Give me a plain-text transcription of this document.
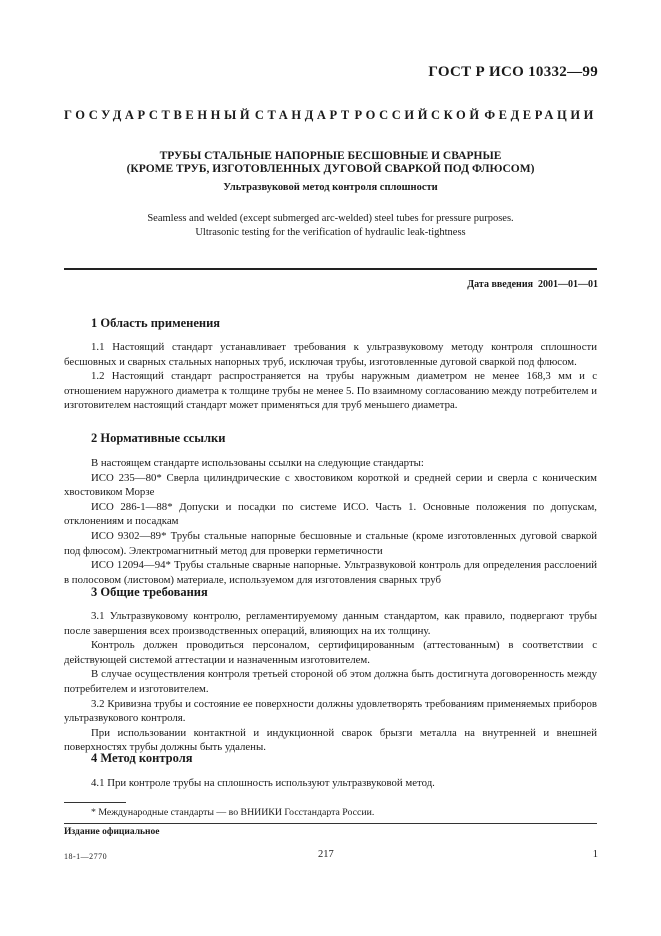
ГОСТ Р ИСО 10332—99
ГОСУДАРСТВЕННЫЙ СТАНДАРТ РОССИЙСКОЙ ФЕДЕРАЦИИ
ТРУБЫ СТАЛЬНЫЕ НАПОРНЫЕ БЕСШОВНЫЕ И СВАРНЫЕ
(КРОМЕ ТРУБ, ИЗГОТОВЛЕННЫХ ДУГОВОЙ СВАРКОЙ ПОД ФЛЮСОМ)
Ультразвуковой метод контроля сплошности
Seamless and welded (except submerged arc-welded) steel tubes for pressure purposes.
Ultrasonic testing for the verification of hydraulic leak-tightness
Дата введения  2001—01—01
1 Область применения
1.1 Настоящий стандарт устанавливает требования к ультразвуковому методу контроля сплошности бесшовных и сварных стальных напорных труб, исключая трубы, изготовленные дуговой сваркой под флюсом.
1.2 Настоящий стандарт распространяется на трубы наружным диаметром не менее 168,3 мм и с отношением наружного диаметра к толщине трубы не менее 5. По взаимному согласованию между потребителем и изготовителем настоящий стандарт может применяться для труб меньшего диаметра.
2 Нормативные ссылки
В настоящем стандарте использованы ссылки на следующие стандарты:
ИСО 235—80* Сверла цилиндрические с хвостовиком короткой и средней серии и сверла с коническим хвостовиком Морзе
ИСО 286-1—88* Допуски и посадки по системе ИСО. Часть 1. Основные положения по допускам, отклонениям и посадкам
ИСО 9302—89* Трубы стальные напорные бесшовные и стальные (кроме изготовленных дуговой сваркой под флюсом). Электромагнитный метод для проверки герметичности
ИСО 12094—94* Трубы стальные сварные напорные. Ультразвуковой контроль для определения расслоений в полосовом (листовом) материале, используемом для изготовления сварных труб
3 Общие требования
3.1 Ультразвуковому контролю, регламентируемому данным стандартом, как правило, подвергают трубы после завершения всех производственных операций, влияющих на их толщину.
Контроль должен проводиться персоналом, сертифицированным (аттестованным) в соответствии с действующей системой аттестации и назначенным изготовителем.
В случае осуществления контроля третьей стороной об этом должна быть достигнута договоренность между потребителем и изготовителем.
3.2 Кривизна трубы и состояние ее поверхности должны удовлетворять требованиям применяемых приборов ультразвукового контроля.
При использовании контактной и индукционной сварок брызги металла на внутренней и внешней поверхностях трубы должны быть удалены.
4 Метод контроля
4.1 При контроле трубы на сплошность используют ультразвуковой метод.
* Международные стандарты — во ВНИИКИ Госстандарта России.
Издание официальное
18-1—2770	217	1
